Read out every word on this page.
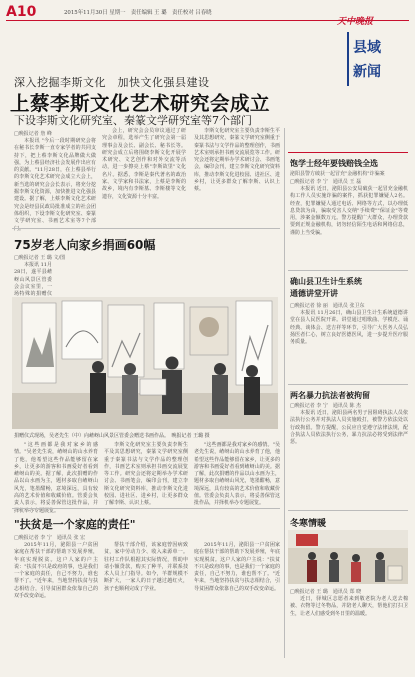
A10	2015年11月30日 星期一　责任编辑 王 璐　责任校对 吕春晓
天中晚报
县域新闻
深入挖掘李斯文化　加快文化强县建设
上蔡李斯文化艺术研究会成立
下设李斯文化研究室、秦篆文学研究室等7个部门
□晚报记者 詹 峰

本报讯 "今后一段时期研究会将在秘书长李斯一直专家学者的共同支持下，把上蔡李斯文化品牌做大做强，为上蔡县经济社会发展作出应有的贡献。"11月28日，在上蔡县举行的李斯文化艺术研究会成立大会上，新当选的研究会会长表示，将充分挖掘李斯文化资源，加快推进文化强县建设。据了解，上蔡李斯文化艺术研究会是经县民政局批准成立的社会团体组织，下设李斯文化研究室、秦篆文学研究室、书画艺术室等7个部门。

会上，研究会会员审议通过了研究会章程，选举产生了研究会第一届理事会及会长、副会长、秘书长等。研究会成立后将围绕李斯文化开展学术研究、文艺创作和对外交流等活动，进一步擦亮上蔡"李斯故里"文化名片。据悉，李斯是秦代著名的政治家、文学家和书法家，上蔡是李斯的故乡，境内有李斯墓、李斯楼等文化遗存，文化资源十分丰富。

李斯文化研究室主要负责李斯生平及其思想研究，秦篆文学研究室侧重于秦篆书法与文学作品的整理创作，书画艺术室则承担书画交流展览等工作。研究会还将定期举办学术研讨会、书画笔会，编印会刊，建立李斯文化研究资料库，推动李斯文化进校园、进社区、进乡村，让更多群众了解李斯、认识上蔡。

75岁老人向家乡捐画60幅
□晚报记者 王 璐 文/图

本报讯 11月28日，遂平县嵖岈山风景区管委会会议室里，一场特殊的捐赠仪

捐赠仪式现场，吴老先生（中）向嵖岈山风景区管委会赠送书画作品。　晚报记者 王璐 摄

"这些画都是我对家乡的感情。"吴老先生说，嵖岈山的山水养育了他，他希望这些作品能够留在家乡，让更多的游客和书画爱好者看到嵖岈山的美。据了解，此次捐赠的作品以山水画为主，题材多取自嵖岈山风光，笔墨酣畅，意境深远，具有较高的艺术价值和收藏价值。管委会负责人表示，将妥善保管这批作品，并择机举办专题展览。

李斯文化研究室主要负责李斯生平及其思想研究，秦篆文学研究室侧重于秦篆书法与文学作品的整理创作，书画艺术室则承担书画交流展览等工作。研究会还将定期举办学术研讨会、书画笔会，编印会刊，建立李斯文化研究资料库，推动李斯文化进校园、进社区、进乡村，让更多群众了解李斯、认识上蔡。

"这些画都是我对家乡的感情。"吴老先生说，嵖岈山的山水养育了他，他希望这些作品能够留在家乡，让更多的游客和书画爱好者看到嵖岈山的美。据了解，此次捐赠的作品以山水画为主，题材多取自嵖岈山风光，笔墨酣畅，意境深远，具有较高的艺术价值和收藏价值。管委会负责人表示，将妥善保管这批作品，并择机举办专题展览。

"扶贫是一个家庭的责任"
□晚报记者 李 宁　通讯员 张 宏

2015年11月，泌阳县一户贫困家庭在帮扶干部的帮助下发展养殖，年底实现脱贫。这户人家的户主说："扶贫不只是政府的事，也是我们一个家庭的责任，自己不努力，谁也帮不了。"近年来，当地坚持扶贫与扶志相结合，引导贫困群众依靠自己的双手改变命运。

帮扶干部介绍，该家庭曾因病致贫，家中劳动力少、收入来源单一。驻村工作队根据其实际情况，帮助申请小额贷款，购买了种羊，并联系技术人员上门指导。如今，羊群规模不断扩大，一家人的日子越过越红火，孩子也顺利完成了学业。

2015年11月，泌阳县一户贫困家庭在帮扶干部的帮助下发展养殖，年底实现脱贫。这户人家的户主说："扶贫不只是政府的事，也是我们一个家庭的责任，自己不努力，谁也帮不了。"近年来，当地坚持扶贫与扶志相结合，引导贫困群众依靠自己的双手改变命运。

饱学士经年要钱赔钱全选
泌阳县警方破获一起冒充"金融机构"诈骗案
□晚报记者 李 宁　通讯员 王 磊

本报讯 近日，泌阳县公安局破获一起冒充金融机构工作人员实施诈骗的案件，抓获犯罪嫌疑人2名。经查，犯罪嫌疑人通过电话、网络等方式，以办理低息贷款为由，骗取受害人交纳"手续费""保证金"等费用，涉案金额数万元。警方提醒广大群众，办理贷款要到正规金融机构，切勿轻信陌生电话和网络信息，谨防上当受骗。

确山县卫生计生系统
通德讲堂开讲
□晚报记者 徐 丽　通讯员 张卫东

本报讯 11月26日，确山县卫生计生系统道德讲堂在县人民医院开讲。讲堂通过唱歌曲、学模范、诵经典、谈体会、送吉祥等环节，引导广大医务人员弘扬医者仁心，树立良好医德医风，进一步提升医疗服务质量。

两名暴力抗法者被拘留
□晚报记者 李 宁　通讯员 陈 杰

本报讯 近日，泌阳县两名男子因阻碍执法人员依法执行公务并对执法人员实施殴打，被警方依法处以行政拘留。警方提醒，公民应自觉遵守法律法规，配合执法人员依法执行公务，暴力抗法必将受到法律严惩。

冬寒情暖
□晚报记者 王 璐　通讯员 郑 晓

近日，驿城区志愿者来到敬老院为老人送去棉被、衣物等过冬物品，并陪老人聊天，帮他们打扫卫生，让老人们感受到冬日里的温暖。
